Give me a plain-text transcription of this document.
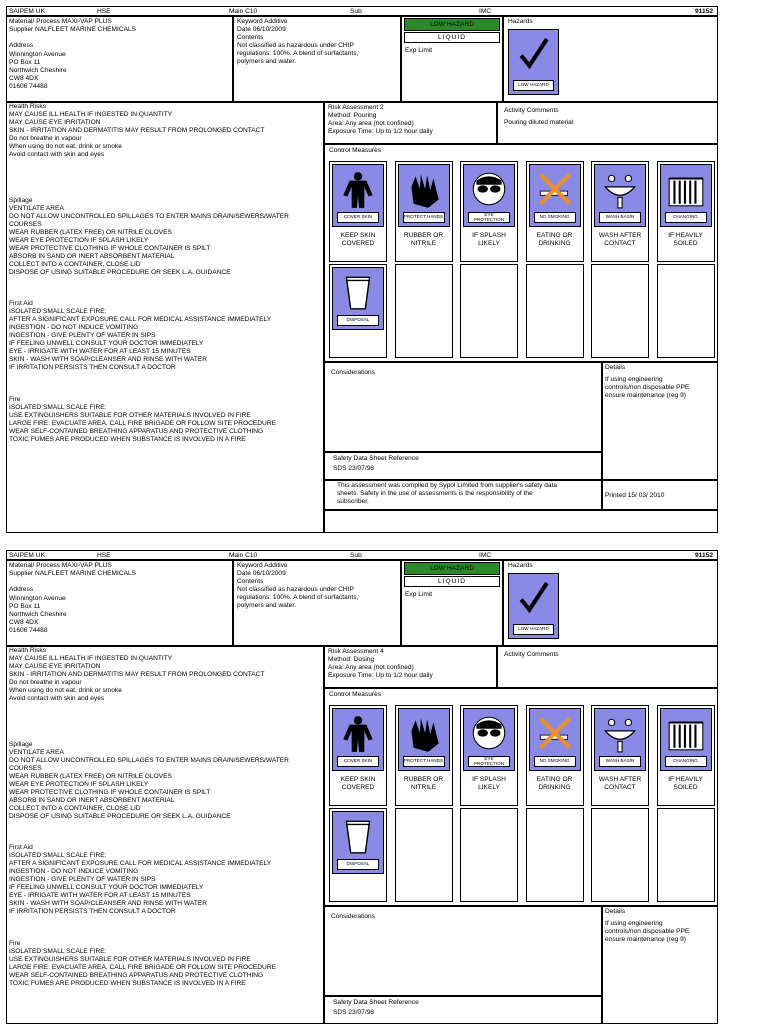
SAIPEM UK	HSE	Main C10	Sub	IMC	91152
Material/ Process MAXI-VAP PLUS
Supplier NALFLEET MARINE CHEMICALS
Address
Winnington Avenue
PO Box 11
Northwich Cheshire
CW8 4DX
01606 74488
Keyword Additive
Date 06/10/2009
Contents
Not classified as hazardous under CHIP
regulations: 100%. A blend of surfactants,
polymers and water.
LOW HAZARD
LIQUID
Exp Limit
Hazards
LOW HAZARD
Health Risks
MAY CAUSE ILL HEALTH IF INGESTED IN QUANTITY
MAY CAUSE EYE IRRITATION
SKIN - IRRITATION AND DERMATITIS MAY RESULT FROM PROLONGED CONTACT
Do not breathe in vapour
When using do not eat, drink or smoke
Avoid contact with skin and eyes
Spillage
VENTILATE AREA
DO NOT ALLOW UNCONTROLLED SPILLAGES TO ENTER MAINS DRAIN/SEWERS/WATER
COURSES
WEAR RUBBER (LATEX FREE) OR NITRILE GLOVES
WEAR EYE PROTECTION IF SPLASH LIKELY
WEAR PROTECTIVE CLOTHING IF WHOLE CONTAINER IS SPILT
ABSORB IN SAND OR INERT ABSORBENT MATERIAL
COLLECT INTO A CONTAINER, CLOSE LID
DISPOSE OF USING SUITABLE PROCEDURE OR SEEK L.A. GUIDANCE
First Aid
ISOLATED SMALL SCALE FIRE:
AFTER A SIGNIFICANT EXPOSURE CALL FOR MEDICAL ASSISTANCE IMMEDIATELY
INGESTION - DO NOT INDUCE VOMITING
INGESTION - GIVE PLENTY OF WATER IN SIPS
IF FEELING UNWELL CONSULT YOUR DOCTOR IMMEDIATELY
EYE - IRRIGATE WITH WATER FOR AT LEAST 15 MINUTES
SKIN - WASH WITH SOAP/CLEANSER AND RINSE WITH WATER
IF IRRITATION PERSISTS THEN CONSULT A DOCTOR
Fire
ISOLATED SMALL SCALE FIRE:
USE EXTINGUISHERS SUITABLE FOR OTHER MATERIALS INVOLVED IN FIRE
LARGE FIRE: EVACUATE AREA, CALL FIRE BRIGADE OR FOLLOW SITE PROCEDURE
WEAR SELF-CONTAINED BREATHING APPARATUS AND PROTECTIVE CLOTHING
TOXIC FUMES ARE PRODUCED WHEN SUBSTANCE IS INVOLVED IN A FIRE
Risk Assessment 2
Method: Pouring
Area: Any area (not confined)
Exposure Time: Up to 1/2 hour daily
Activity Comments
Pouring diluted material
Control Measures
Considerations
Details
If using engineering
controls/non disposable PPE
ensure maintenance (reg 9)
Safety Data Sheet Reference
SDS 23/07/98
This assessment was compiled by Sypol Limited from supplier's safety data
sheets. Safety in the use of assessments is the responsibility of the
subscriber.
Printed 15/ 03/ 2010
COVER SKIN
KEEP SKIN
COVERED
PROTECT HANDS
RUBBER OR
NITRILE
EYE
PROTECTION
IF SPLASH
LIKELY
NO SMOKING
EATING OR
DRINKING
WASH BASIN
WASH AFTER
CONTACT
CHANGING
IF HEAVILY
SOILED
DISPOSAL
SAIPEM UK	HSE	Main C10	Sub	IMC	91152
Material/ Process MAXI-VAP PLUS
Supplier NALFLEET MARINE CHEMICALS
Address
Winnington Avenue
PO Box 11
Northwich Cheshire
CW8 4DX
01606 74488
Keyword Additive
Date 06/10/2009
Contents
Not classified as hazardous under CHIP
regulations: 100%. A blend of surfactants,
polymers and water.
LOW HAZARD
LIQUID
Exp Limit
Hazards
LOW HAZARD
Health Risks
MAY CAUSE ILL HEALTH IF INGESTED IN QUANTITY
MAY CAUSE EYE IRRITATION
SKIN - IRRITATION AND DERMATITIS MAY RESULT FROM PROLONGED CONTACT
Do not breathe in vapour
When using do not eat, drink or smoke
Avoid contact with skin and eyes
Spillage
VENTILATE AREA
DO NOT ALLOW UNCONTROLLED SPILLAGES TO ENTER MAINS DRAIN/SEWERS/WATER
COURSES
WEAR RUBBER (LATEX FREE) OR NITRILE GLOVES
WEAR EYE PROTECTION IF SPLASH LIKELY
WEAR PROTECTIVE CLOTHING IF WHOLE CONTAINER IS SPILT
ABSORB IN SAND OR INERT ABSORBENT MATERIAL
COLLECT INTO A CONTAINER, CLOSE LID
DISPOSE OF USING SUITABLE PROCEDURE OR SEEK L.A. GUIDANCE
First Aid
ISOLATED SMALL SCALE FIRE:
AFTER A SIGNIFICANT EXPOSURE CALL FOR MEDICAL ASSISTANCE IMMEDIATELY
INGESTION - DO NOT INDUCE VOMITING
INGESTION - GIVE PLENTY OF WATER IN SIPS
IF FEELING UNWELL CONSULT YOUR DOCTOR IMMEDIATELY
EYE - IRRIGATE WITH WATER FOR AT LEAST 15 MINUTES
SKIN - WASH WITH SOAP/CLEANSER AND RINSE WITH WATER
IF IRRITATION PERSISTS THEN CONSULT A DOCTOR
Fire
ISOLATED SMALL SCALE FIRE:
USE EXTINGUISHERS SUITABLE FOR OTHER MATERIALS INVOLVED IN FIRE
LARGE FIRE: EVACUATE AREA, CALL FIRE BRIGADE OR FOLLOW SITE PROCEDURE
WEAR SELF-CONTAINED BREATHING APPARATUS AND PROTECTIVE CLOTHING
TOXIC FUMES ARE PRODUCED WHEN SUBSTANCE IS INVOLVED IN A FIRE
Risk Assessment 4
Method: Dosing
Area: Any area (not confined)
Exposure Time: Up to 1/2 hour daily
Activity Comments
Control Measures
Considerations
Details
If using engineering
controls/non disposable PPE
ensure maintenance (reg 9)
Safety Data Sheet Reference
SDS 23/07/98
COVER SKIN
KEEP SKIN
COVERED
PROTECT HANDS
RUBBER OR
NITRILE
EYE
PROTECTION
IF SPLASH
LIKELY
NO SMOKING
EATING OR
DRINKING
WASH BASIN
WASH AFTER
CONTACT
CHANGING
IF HEAVILY
SOILED
DISPOSAL
